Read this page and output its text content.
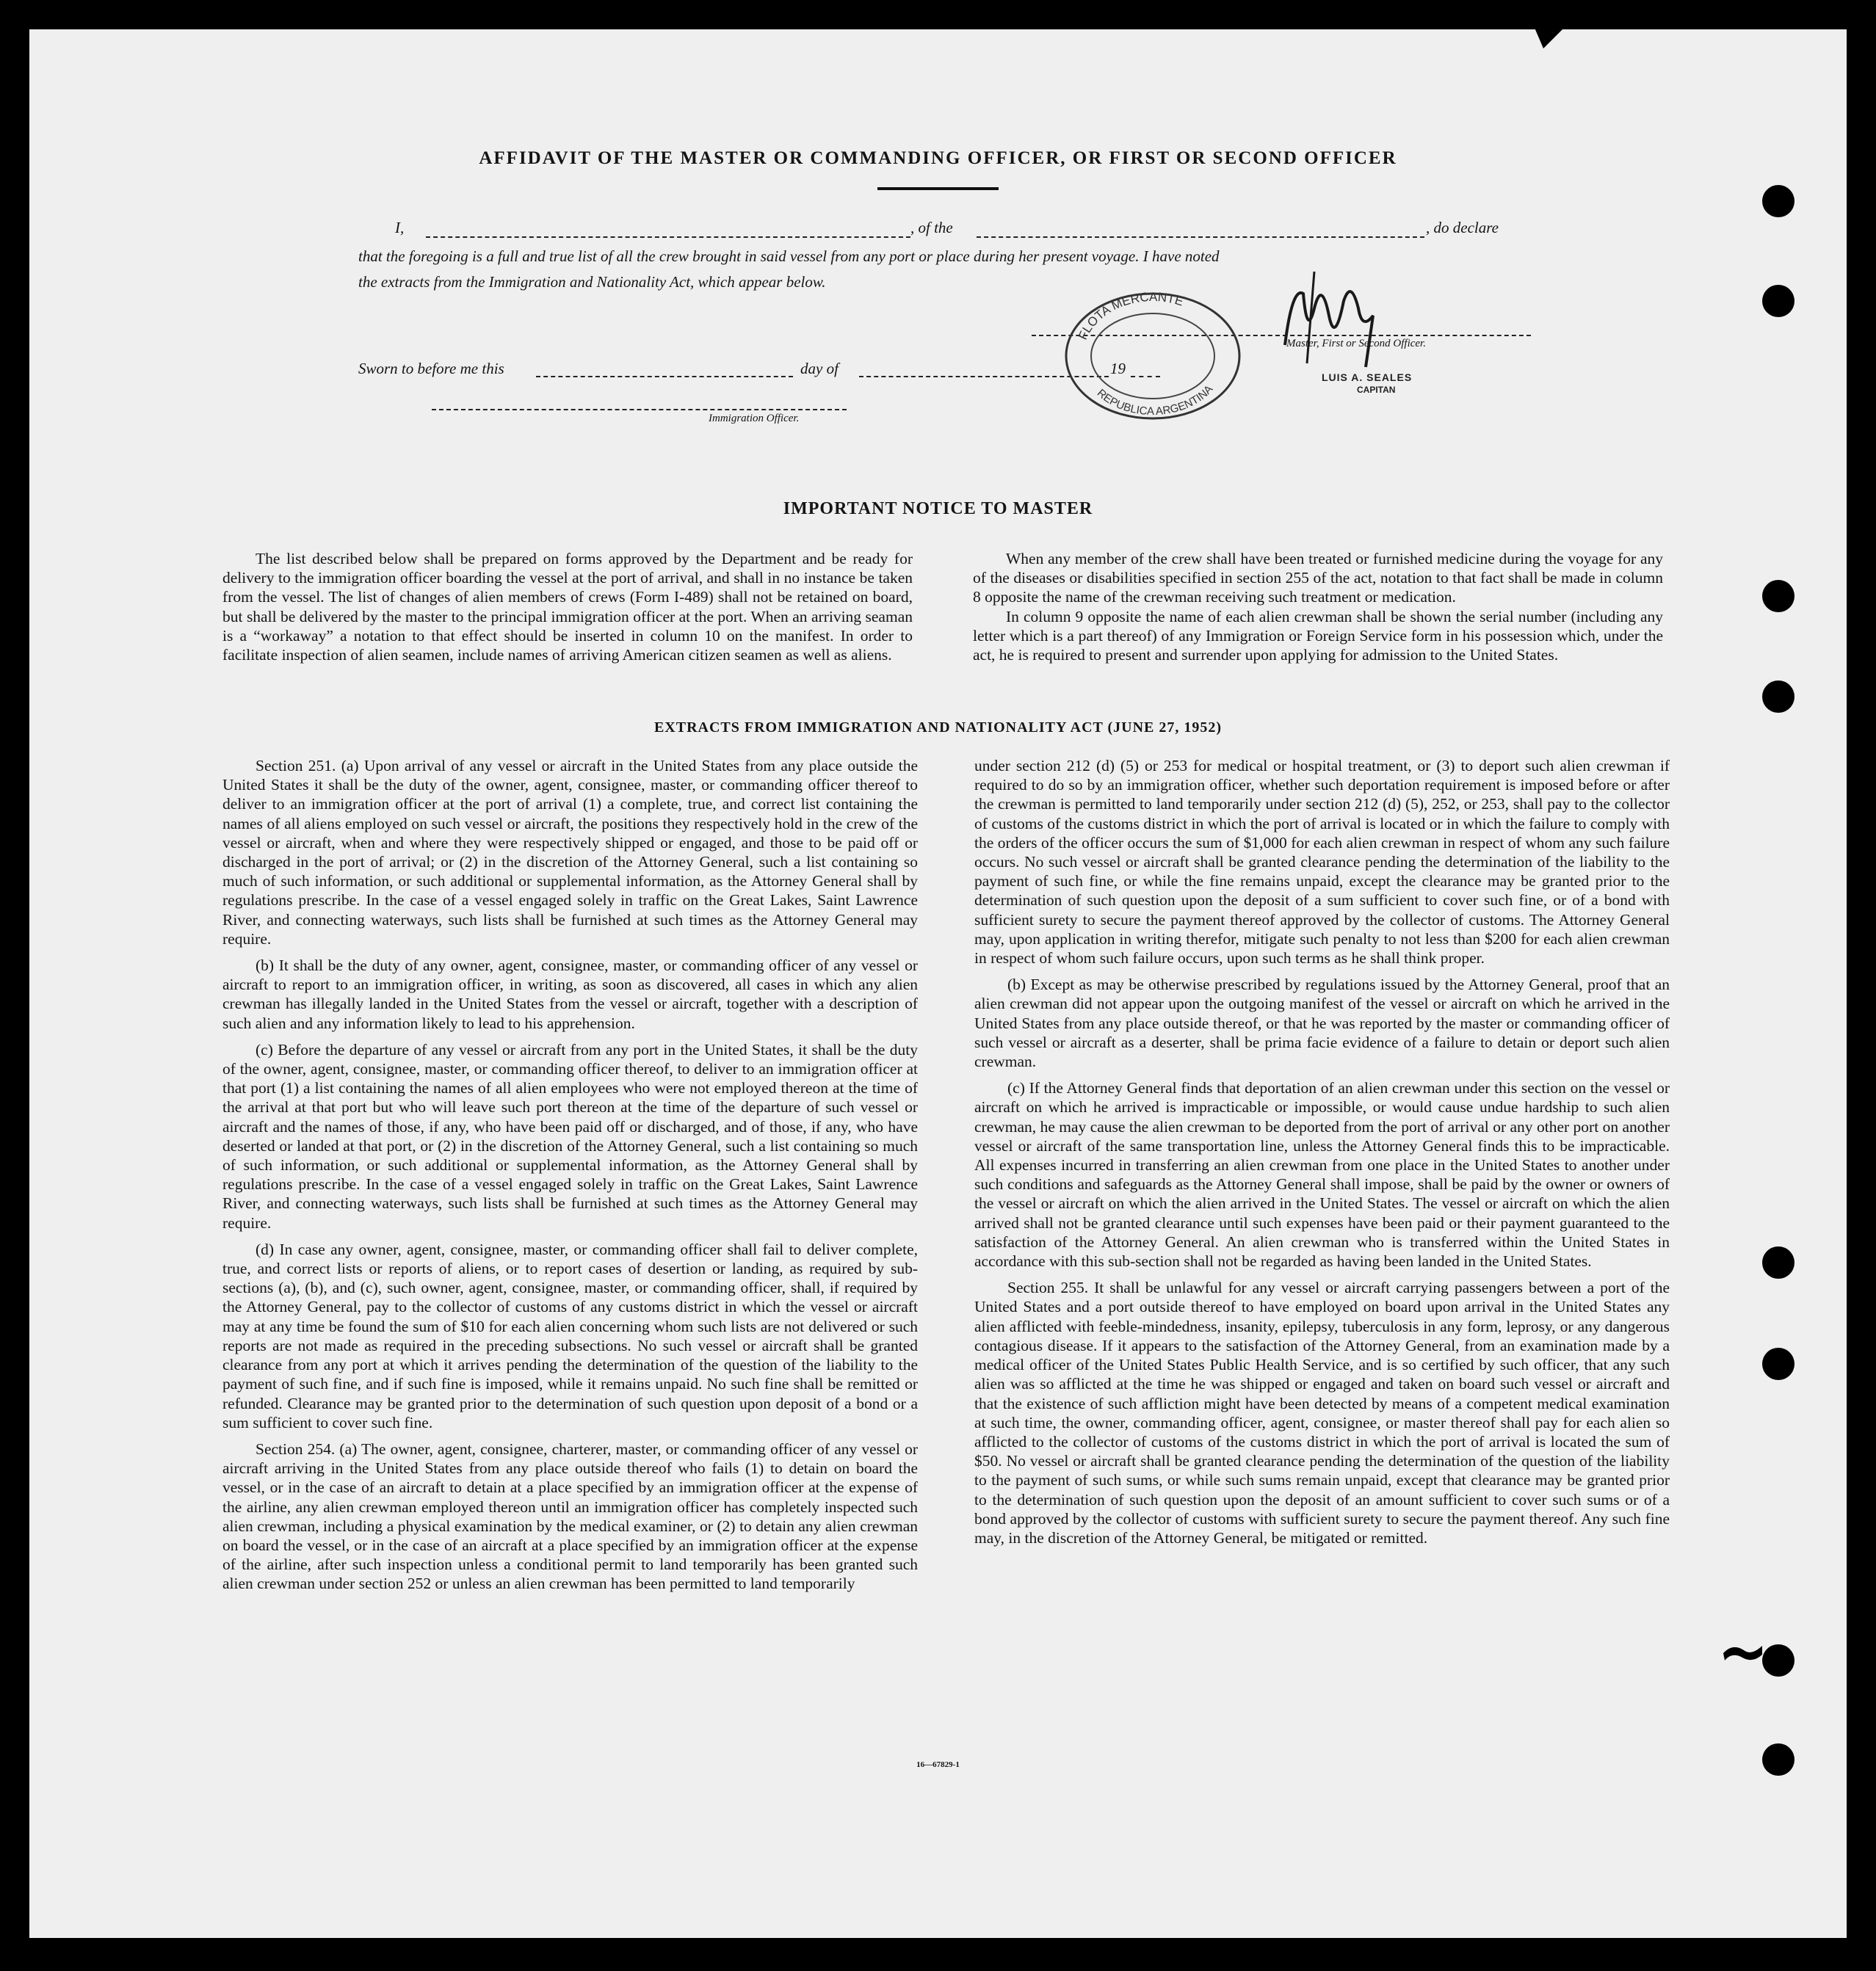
AFFIDAVIT OF THE MASTER OR COMMANDING OFFICER, OR FIRST OR SECOND OFFICER
I,	, of the	, do declare
that the foregoing is a full and true list of all the crew brought in said vessel from any port or place during her present voyage. I have noted
the extracts from the Immigration and Nationality Act, which appear below.
Master, First or Second Officer.
Sworn to before me this	day of	19
Immigration Officer.
FLOTA MERCANTE
REPUBLICA ARGENTINA
LUIS A. SEALES
CAPITAN
IMPORTANT NOTICE TO MASTER

The list described below shall be prepared on forms approved by the Department and be ready for delivery to the immigration officer boarding the vessel at the port of arrival, and shall in no instance be taken from the vessel. The list of changes of alien members of crews (Form I-489) shall not be retained on board, but shall be delivered by the master to the principal immigration officer at the port. When an arriving seaman is a “workaway” a notation to that effect should be inserted in column 10 on the manifest. In order to facilitate inspection of alien seamen, include names of arriving American citizen seamen as well as aliens.

When any member of the crew shall have been treated or furnished medicine during the voyage for any of the diseases or disabilities specified in section 255 of the act, notation to that fact shall be made in column 8 opposite the name of the crewman receiving such treatment or medication.

In column 9 opposite the name of each alien crewman shall be shown the serial number (including any letter which is a part thereof) of any Immigration or Foreign Service form in his possession which, under the act, he is required to present and surrender upon applying for admission to the United States.

EXTRACTS FROM IMMIGRATION AND NATIONALITY ACT (JUNE 27, 1952)

Section 251. (a) Upon arrival of any vessel or aircraft in the United States from any place outside the United States it shall be the duty of the owner, agent, consignee, master, or commanding officer thereof to deliver to an immigration officer at the port of arrival (1) a complete, true, and correct list containing the names of all aliens employed on such vessel or aircraft, the positions they respectively hold in the crew of the vessel or aircraft, when and where they were respectively shipped or engaged, and those to be paid off or discharged in the port of arrival; or (2) in the discretion of the Attorney General, such a list containing so much of such information, or such additional or supplemental information, as the Attorney General shall by regulations prescribe. In the case of a vessel engaged solely in traffic on the Great Lakes, Saint Lawrence River, and connecting waterways, such lists shall be furnished at such times as the Attorney General may require.

(b) It shall be the duty of any owner, agent, consignee, master, or commanding officer of any vessel or aircraft to report to an immigration officer, in writing, as soon as discovered, all cases in which any alien crewman has illegally landed in the United States from the vessel or aircraft, together with a description of such alien and any information likely to lead to his apprehension.

(c) Before the departure of any vessel or aircraft from any port in the United States, it shall be the duty of the owner, agent, consignee, master, or commanding officer thereof, to deliver to an immigration officer at that port (1) a list containing the names of all alien employees who were not employed thereon at the time of the arrival at that port but who will leave such port thereon at the time of the departure of such vessel or aircraft and the names of those, if any, who have been paid off or discharged, and of those, if any, who have deserted or landed at that port, or (2) in the discretion of the Attorney General, such a list containing so much of such information, or such additional or supplemental information, as the Attorney General shall by regulations prescribe. In the case of a vessel engaged solely in traffic on the Great Lakes, Saint Lawrence River, and connecting waterways, such lists shall be furnished at such times as the Attorney General may require.

(d) In case any owner, agent, consignee, master, or commanding officer shall fail to deliver complete, true, and correct lists or reports of aliens, or to report cases of desertion or landing, as required by sub-sections (a), (b), and (c), such owner, agent, consignee, master, or commanding officer, shall, if required by the Attorney General, pay to the collector of customs of any customs district in which the vessel or aircraft may at any time be found the sum of $10 for each alien concerning whom such lists are not delivered or such reports are not made as required in the preceding subsections. No such vessel or aircraft shall be granted clearance from any port at which it arrives pending the determination of the question of the liability to the payment of such fine, and if such fine is imposed, while it remains unpaid. No such fine shall be remitted or refunded. Clearance may be granted prior to the determination of such question upon deposit of a bond or a sum sufficient to cover such fine.

Section 254. (a) The owner, agent, consignee, charterer, master, or commanding officer of any vessel or aircraft arriving in the United States from any place outside thereof who fails (1) to detain on board the vessel, or in the case of an aircraft to detain at a place specified by an immigration officer at the expense of the airline, any alien crewman employed thereon until an immigration officer has completely inspected such alien crewman, including a physical examination by the medical examiner, or (2) to detain any alien crewman on board the vessel, or in the case of an aircraft at a place specified by an immigration officer at the expense of the airline, after such inspection unless a conditional permit to land temporarily has been granted such alien crewman under section 252 or unless an alien crewman has been permitted to land temporarily

under section 212 (d) (5) or 253 for medical or hospital treatment, or (3) to deport such alien crewman if required to do so by an immigration officer, whether such deportation requirement is imposed before or after the crewman is permitted to land temporarily under section 212 (d) (5), 252, or 253, shall pay to the collector of customs of the customs district in which the port of arrival is located or in which the failure to comply with the orders of the officer occurs the sum of $1,000 for each alien crewman in respect of whom any such failure occurs. No such vessel or aircraft shall be granted clearance pending the determination of the liability to the payment of such fine, or while the fine remains unpaid, except the clearance may be granted prior to the determination of such question upon the deposit of a sum sufficient to cover such fine, or of a bond with sufficient surety to secure the payment thereof approved by the collector of customs. The Attorney General may, upon application in writing therefor, mitigate such penalty to not less than $200 for each alien crewman in respect of whom such failure occurs, upon such terms as he shall think proper.

(b) Except as may be otherwise prescribed by regulations issued by the Attorney General, proof that an alien crewman did not appear upon the outgoing manifest of the vessel or aircraft on which he arrived in the United States from any place outside thereof, or that he was reported by the master or commanding officer of such vessel or aircraft as a deserter, shall be prima facie evidence of a failure to detain or deport such alien crewman.

(c) If the Attorney General finds that deportation of an alien crewman under this section on the vessel or aircraft on which he arrived is impracticable or impossible, or would cause undue hardship to such alien crewman, he may cause the alien crewman to be deported from the port of arrival or any other port on another vessel or aircraft of the same transportation line, unless the Attorney General finds this to be impracticable. All expenses incurred in transferring an alien crewman from one place in the United States to another under such conditions and safeguards as the Attorney General shall impose, shall be paid by the owner or owners of the vessel or aircraft on which the alien arrived in the United States. The vessel or aircraft on which the alien arrived shall not be granted clearance until such expenses have been paid or their payment guaranteed to the satisfaction of the Attorney General. An alien crewman who is transferred within the United States in accordance with this sub-section shall not be regarded as having been landed in the United States.

Section 255. It shall be unlawful for any vessel or aircraft carrying passengers between a port of the United States and a port outside thereof to have employed on board upon arrival in the United States any alien afflicted with feeble-mindedness, insanity, epilepsy, tuberculosis in any form, leprosy, or any dangerous contagious disease. If it appears to the satisfaction of the Attorney General, from an examination made by a medical officer of the United States Public Health Service, and is so certified by such officer, that any such alien was so afflicted at the time he was shipped or engaged and taken on board such vessel or aircraft and that the existence of such affliction might have been detected by means of a competent medical examination at such time, the owner, commanding officer, agent, consignee, or master thereof shall pay for each alien so afflicted to the collector of customs of the customs district in which the port of arrival is located the sum of $50. No vessel or aircraft shall be granted clearance pending the determination of the question of the liability to the payment of such sums, or while such sums remain unpaid, except that clearance may be granted prior to the determination of such question upon the deposit of an amount sufficient to cover such sums or of a bond approved by the collector of customs with sufficient surety to secure the payment thereof. Any such fine may, in the discretion of the Attorney General, be mitigated or remitted.

16—67829-1
